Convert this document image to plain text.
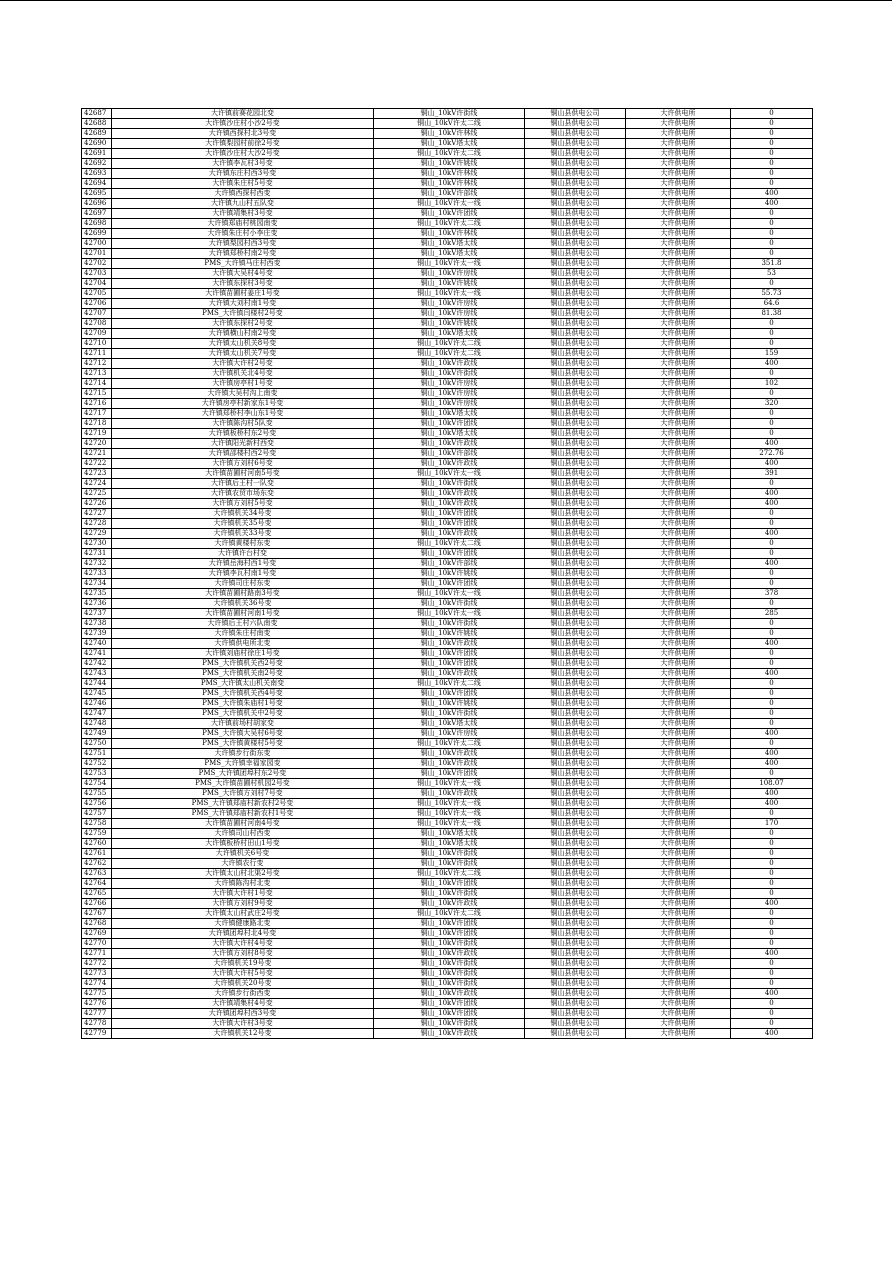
42687	大许镇前赛花园北变	铜山_10kV许街线	铜山县供电公司	大许供电所	0
42688	大许镇沙庄村小沙2号变	铜山_10kV许太二线	铜山县供电公司	大许供电所	0
42689	大许镇西探村北3号变	铜山_10kV许林线	铜山县供电公司	大许供电所	0
42690	大许镇梨园村前徐2号变	铜山_10kV塔太线	铜山县供电公司	大许供电所	0
42691	大许镇沙庄村大沙2号变	铜山_10kV许太二线	铜山县供电公司	大许供电所	0
42692	大许镇李瓦村3号变	铜山_10kV许姚线	铜山县供电公司	大许供电所	0
42693	大许镇东庄村西3号变	铜山_10kV许林线	铜山县供电公司	大许供电所	0
42694	大许镇朱庄村5号变	铜山_10kV许林线	铜山县供电公司	大许供电所	0
42695	大许镇西探村西变	铜山_10kV许部线	铜山县供电公司	大许供电所	400
42696	大许镇九山村五队变	铜山_10kV许太一线	铜山县供电公司	大许供电所	400
42697	大许镇靖集村3号变	铜山_10kV许团线	铜山县供电公司	大许供电所	0
42698	大许镇郑庙村桃园南变	铜山_10kV许太二线	铜山县供电公司	大许供电所	0
42699	大许镇朱庄村小李庄变	铜山_10kV许林线	铜山县供电公司	大许供电所	0
42700	大许镇梨园村西3号变	铜山_10kV塔太线	铜山县供电公司	大许供电所	0
42701	大许镇郑桥村南2号变	铜山_10kV塔太线	铜山县供电公司	大许供电所	0
42702	PMS_大许镇马庄村西变	铜山_10kV许太一线	铜山县供电公司	大许供电所	351.8
42703	大许镇大吴村4号变	铜山_10kV许房线	铜山县供电公司	大许供电所	53
42704	大许镇东探村3号变	铜山_10kV许姚线	铜山县供电公司	大许供电所	0
42705	大许镇苗圃村姜庄1号变	铜山_10kV许太一线	铜山县供电公司	大许供电所	55.73
42706	大许镇大刘村南1号变	铜山_10kV许房线	铜山县供电公司	大许供电所	64.6
42707	PMS_大许镇闫楼村2号变	铜山_10kV许房线	铜山县供电公司	大许供电所	81.38
42708	大许镇东探村2号变	铜山_10kV许姚线	铜山县供电公司	大许供电所	0
42709	大许镇横山村南2号变	铜山_10kV塔太线	铜山县供电公司	大许供电所	0
42710	大许镇太山机关8号变	铜山_10kV许太二线	铜山县供电公司	大许供电所	0
42711	大许镇太山机关7号变	铜山_10kV许太二线	铜山县供电公司	大许供电所	159
42712	大许镇大许村2号变	铜山_10kV许政线	铜山县供电公司	大许供电所	400
42713	大许镇机关北4号变	铜山_10kV许街线	铜山县供电公司	大许供电所	0
42714	大许镇房亭村1号变	铜山_10kV许房线	铜山县供电公司	大许供电所	102
42715	大许镇大吴村沟上南变	铜山_10kV许房线	铜山县供电公司	大许供电所	0
42716	大许镇房亭村新家东1号变	铜山_10kV许房线	铜山县供电公司	大许供电所	320
42717	大许镇郑桥村李山东1号变	铜山_10kV塔太线	铜山县供电公司	大许供电所	0
42718	大许镇陈沟村5队变	铜山_10kV许团线	铜山县供电公司	大许供电所	0
42719	大许镇板桥村东2号变	铜山_10kV塔太线	铜山县供电公司	大许供电所	0
42720	大许镇阳光新村西变	铜山_10kV许政线	铜山县供电公司	大许供电所	400
42721	大许镇邵楼村西2号变	铜山_10kV许部线	铜山县供电公司	大许供电所	272.76
42722	大许镇方刘村6号变	铜山_10kV许政线	铜山县供电公司	大许供电所	400
42723	大许镇苗圃村河南5号变	铜山_10kV许太一线	铜山县供电公司	大许供电所	391
42724	大许镇后王村一队变	铜山_10kV许街线	铜山县供电公司	大许供电所	0
42725	大许镇农贸市场东变	铜山_10kV许政线	铜山县供电公司	大许供电所	400
42726	大许镇方刘村5号变	铜山_10kV许政线	铜山县供电公司	大许供电所	400
42727	大许镇机关34号变	铜山_10kV许团线	铜山县供电公司	大许供电所	0
42728	大许镇机关35号变	铜山_10kV许团线	铜山县供电公司	大许供电所	0
42729	大许镇机关33号变	铜山_10kV许政线	铜山县供电公司	大许供电所	400
42730	大许镇黄楼村东变	铜山_10kV许太二线	铜山县供电公司	大许供电所	0
42731	大许镇许台村变	铜山_10kV许团线	铜山县供电公司	大许供电所	0
42732	大许镇岳海村西1号变	铜山_10kV许部线	铜山县供电公司	大许供电所	400
42733	大许镇李瓦村南1号变	铜山_10kV许姚线	铜山县供电公司	大许供电所	0
42734	大许镇司庄村东变	铜山_10kV许团线	铜山县供电公司	大许供电所	0
42735	大许镇苗圃村路南3号变	铜山_10kV许太一线	铜山县供电公司	大许供电所	378
42736	大许镇机关36号变	铜山_10kV许街线	铜山县供电公司	大许供电所	0
42737	大许镇苗圃村河南1号变	铜山_10kV许太一线	铜山县供电公司	大许供电所	285
42738	大许镇后王村六队南变	铜山_10kV许街线	铜山县供电公司	大许供电所	0
42739	大许镇朱庄村南变	铜山_10kV许姚线	铜山县供电公司	大许供电所	0
42740	大许镇供电所北变	铜山_10kV许政线	铜山县供电公司	大许供电所	400
42741	大许镇刘庙村徐庄1号变	铜山_10kV许团线	铜山县供电公司	大许供电所	0
42742	PMS_大许镇机关西2号变	铜山_10kV许团线	铜山县供电公司	大许供电所	0
42743	PMS_大许镇机关南2号变	铜山_10kV许政线	铜山县供电公司	大许供电所	400
42744	PMS_大许镇太山机关南变	铜山_10kV许太二线	铜山县供电公司	大许供电所	0
42745	PMS_大许镇机关西4号变	铜山_10kV许团线	铜山县供电公司	大许供电所	0
42746	PMS_大许镇朱庙村1号变	铜山_10kV许姚线	铜山县供电公司	大许供电所	0
42747	PMS_大许镇机关中2号变	铜山_10kV许街线	铜山县供电公司	大许供电所	0
42748	大许镇前场村胡家变	铜山_10kV塔太线	铜山县供电公司	大许供电所	0
42749	PMS_大许镇大吴村6号变	铜山_10kV许房线	铜山县供电公司	大许供电所	400
42750	PMS_大许镇黄楼村5号变	铜山_10kV许太二线	铜山县供电公司	大许供电所	0
42751	大许镇步行街东变	铜山_10kV许政线	铜山县供电公司	大许供电所	400
42752	PMS_大许镇幸福家园变	铜山_10kV许政线	铜山县供电公司	大许供电所	400
42753	PMS_大许镇团埠村东2号变	铜山_10kV许团线	铜山县供电公司	大许供电所	0
42754	PMS_大许镇苗圃村机园2号变	铜山_10kV许太一线	铜山县供电公司	大许供电所	108.07
42755	PMS_大许镇方刘村7号变	铜山_10kV许政线	铜山县供电公司	大许供电所	400
42756	PMS_大许镇郑庙村新农村2号变	铜山_10kV许太一线	铜山县供电公司	大许供电所	400
42757	PMS_大许镇郑庙村新农村1号变	铜山_10kV许太一线	铜山县供电公司	大许供电所	0
42758	大许镇苗圃村河南4号变	铜山_10kV许太一线	铜山县供电公司	大许供电所	170
42759	大许镇司山村西变	铜山_10kV塔太线	铜山县供电公司	大许供电所	0
42760	大许镇板桥村田山1号变	铜山_10kV塔太线	铜山县供电公司	大许供电所	0
42761	大许镇机关6号变	铜山_10kV许街线	铜山县供电公司	大许供电所	0
42762	大许镇农行变	铜山_10kV许街线	铜山县供电公司	大许供电所	0
42763	大许镇太山村北渠2号变	铜山_10kV许太二线	铜山县供电公司	大许供电所	0
42764	大许镇陈沟村北变	铜山_10kV许团线	铜山县供电公司	大许供电所	0
42765	大许镇大许村1号变	铜山_10kV许街线	铜山县供电公司	大许供电所	0
42766	大许镇方刘村9号变	铜山_10kV许政线	铜山县供电公司	大许供电所	400
42767	大许镇太山村武庄2号变	铜山_10kV许太二线	铜山县供电公司	大许供电所	0
42768	大许镇健康路北变	铜山_10kV许团线	铜山县供电公司	大许供电所	0
42769	大许镇团埠村北4号变	铜山_10kV许团线	铜山县供电公司	大许供电所	0
42770	大许镇大许村4号变	铜山_10kV许街线	铜山县供电公司	大许供电所	0
42771	大许镇方刘村8号变	铜山_10kV许政线	铜山县供电公司	大许供电所	400
42772	大许镇机关19号变	铜山_10kV许街线	铜山县供电公司	大许供电所	0
42773	大许镇大许村5号变	铜山_10kV许街线	铜山县供电公司	大许供电所	0
42774	大许镇机关20号变	铜山_10kV许街线	铜山县供电公司	大许供电所	0
42775	大许镇步行街西变	铜山_10kV许政线	铜山县供电公司	大许供电所	400
42776	大许镇靖集村4号变	铜山_10kV许团线	铜山县供电公司	大许供电所	0
42777	大许镇团埠村西3号变	铜山_10kV许团线	铜山县供电公司	大许供电所	0
42778	大许镇大许村3号变	铜山_10kV许街线	铜山县供电公司	大许供电所	0
42779	大许镇机关12号变	铜山_10kV许政线	铜山县供电公司	大许供电所	400
